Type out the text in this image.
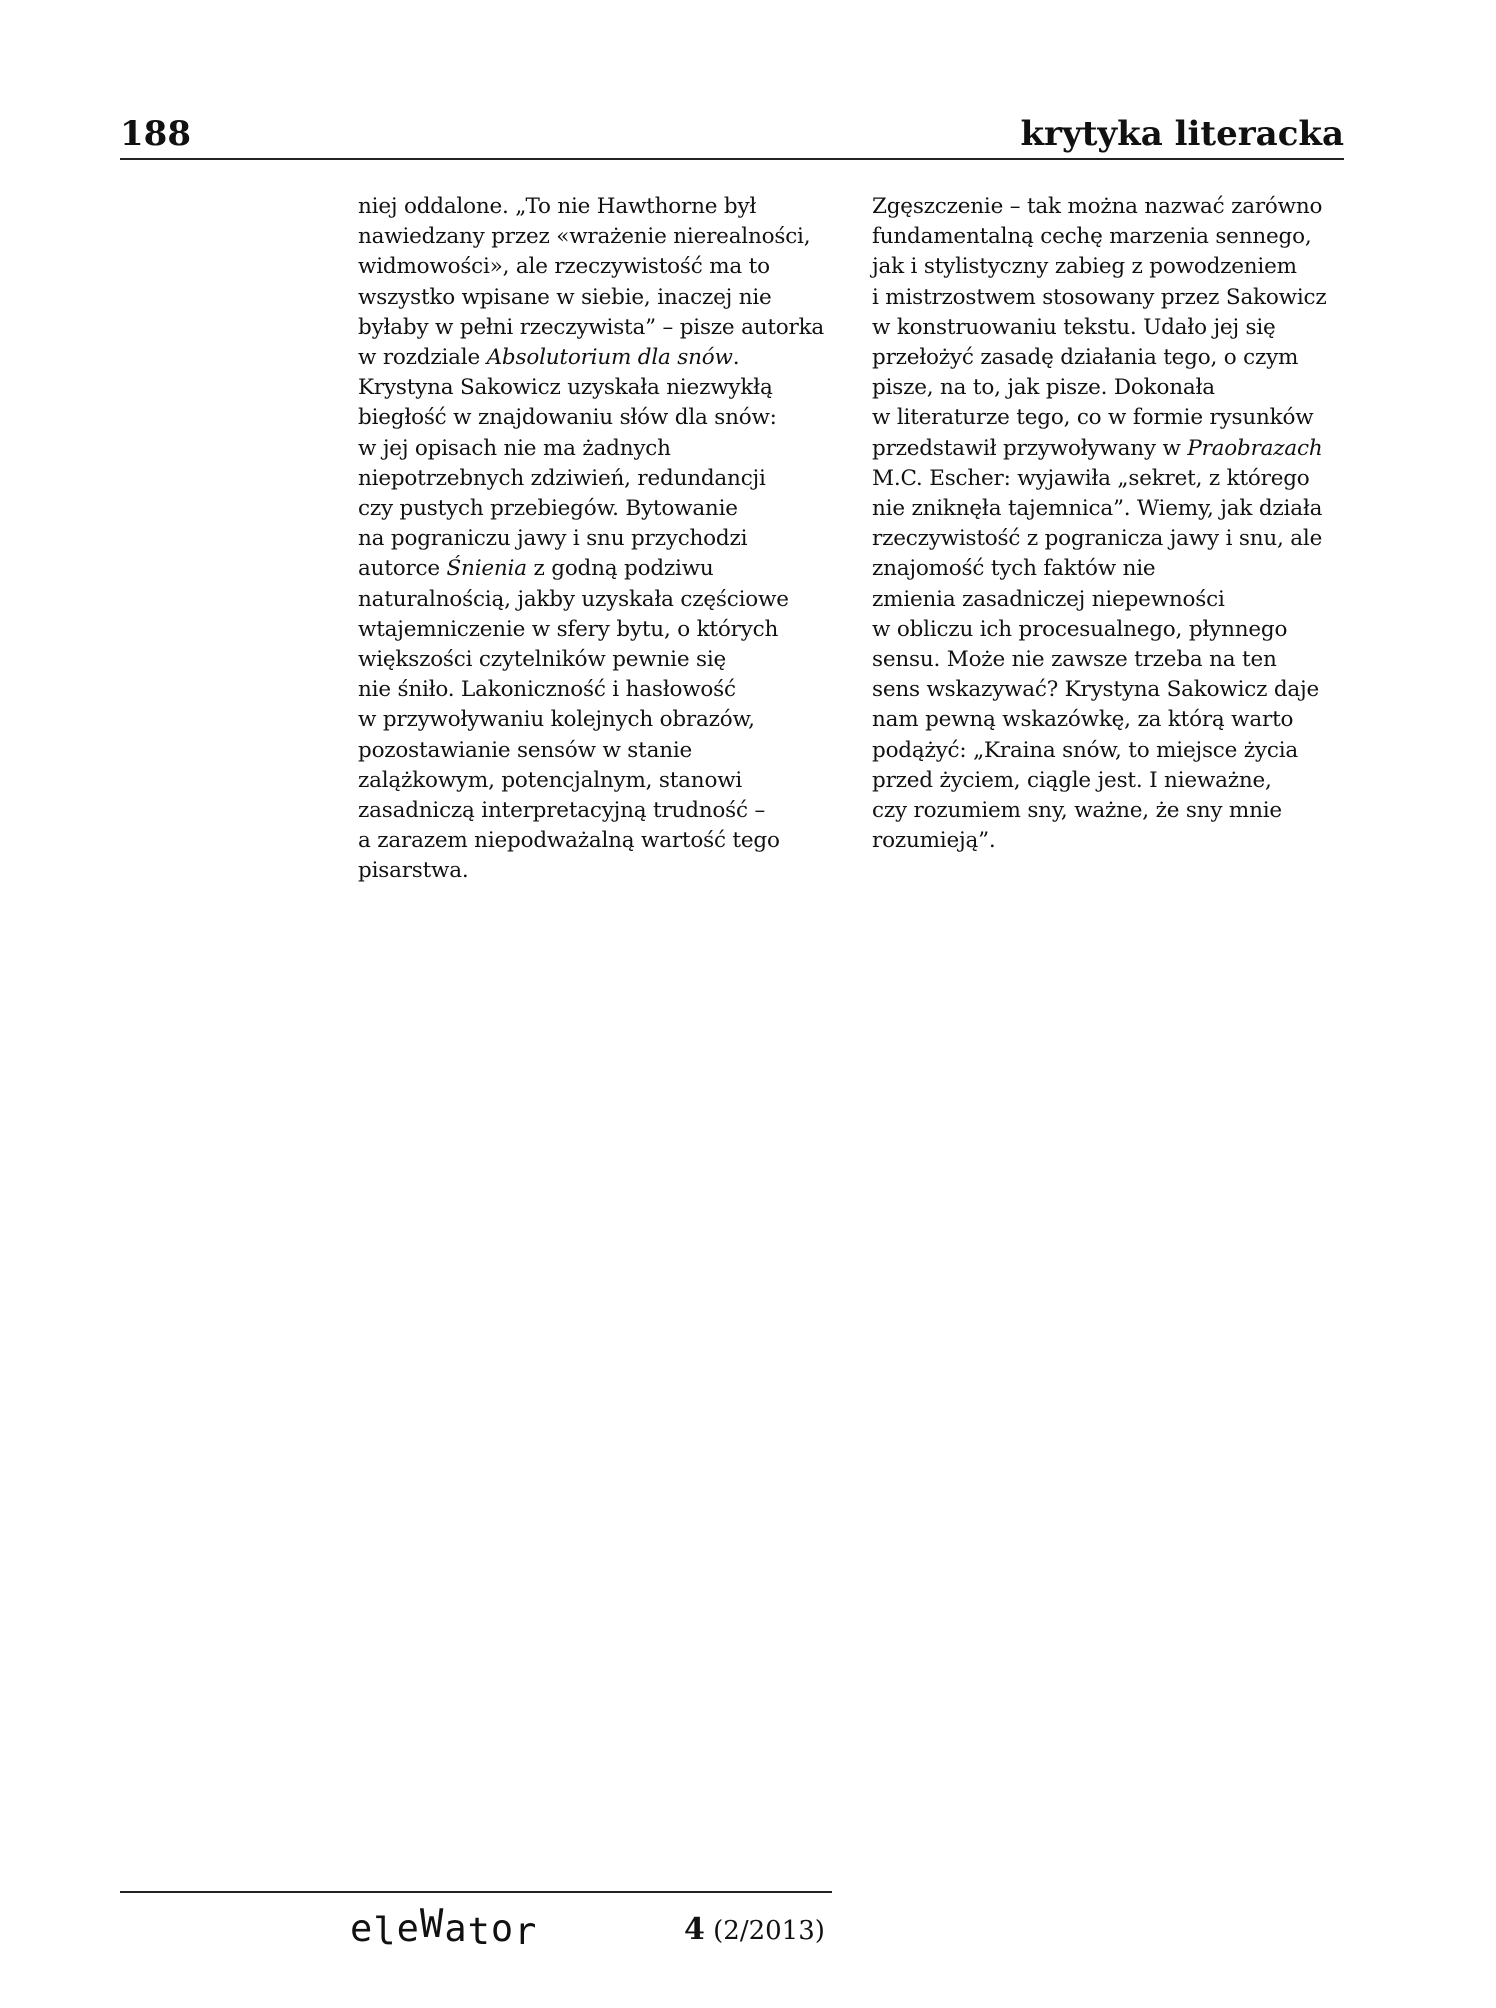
188	krytyka literacka
niej oddalone. „To nie Hawthorne był
nawiedzany przez «wrażenie nierealności,
widmowości», ale rzeczywistość ma to
wszystko wpisane w siebie, inaczej nie
byłaby w pełni rzeczywista” – pisze autorka
w rozdziale Absolutorium dla snów.
Krystyna Sakowicz uzyskała niezwykłą
biegłość w znajdowaniu słów dla snów:
w jej opisach nie ma żadnych
niepotrzebnych zdziwień, redundancji
czy pustych przebiegów. Bytowanie
na pograniczu jawy i snu przychodzi
autorce Śnienia z godną podziwu
naturalnością, jakby uzyskała częściowe
wtajemniczenie w sfery bytu, o których
większości czytelników pewnie się
nie śniło. Lakoniczność i hasłowość
w przywoływaniu kolejnych obrazów,
pozostawianie sensów w stanie
zalążkowym, potencjalnym, stanowi
zasadniczą interpretacyjną trudność –
a zarazem niepodważalną wartość tego
pisarstwa.
Zgęszczenie – tak można nazwać zarówno
fundamentalną cechę marzenia sennego,
jak i stylistyczny zabieg z powodzeniem
i mistrzostwem stosowany przez Sakowicz
w konstruowaniu tekstu. Udało jej się
przełożyć zasadę działania tego, o czym
pisze, na to, jak pisze. Dokonała
w literaturze tego, co w formie rysunków
przedstawił przywoływany w Praobrazach
M.C. Escher: wyjawiła „sekret, z którego
nie zniknęła tajemnica”. Wiemy, jak działa
rzeczywistość z pogranicza jawy i snu, ale
znajomość tych faktów nie
zmienia zasadniczej niepewności
w obliczu ich procesualnego, płynnego
sensu. Może nie zawsze trzeba na ten
sens wskazywać? Krystyna Sakowicz daje
nam pewną wskazówkę, za którą warto
podążyć: „Kraina snów, to miejsce życia
przed życiem, ciągle jest. I nieważne,
czy rozumiem sny, ważne, że sny mnie
rozumieją”.
eleWator	4 (2/2013)
